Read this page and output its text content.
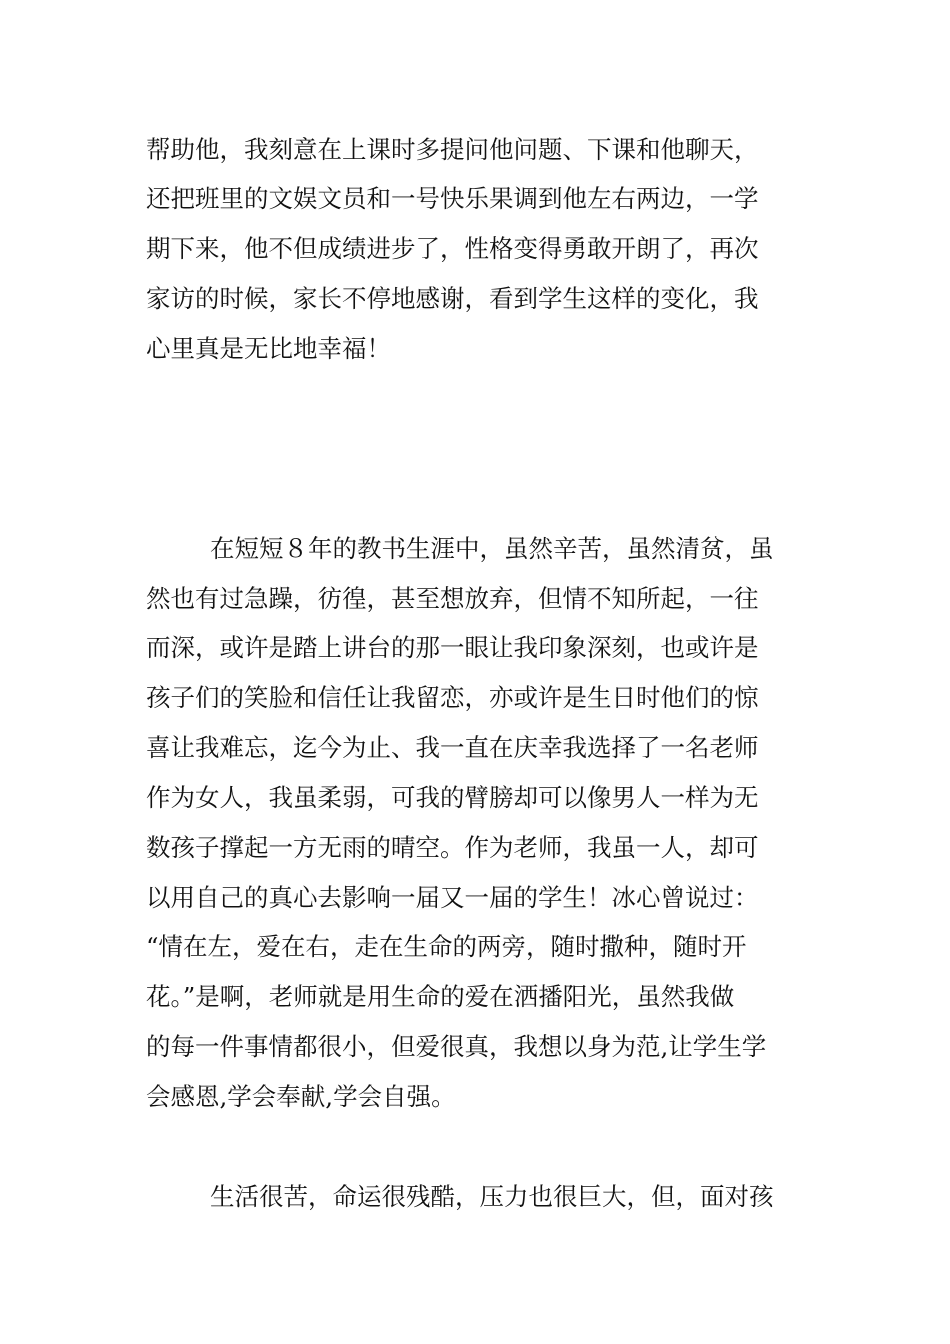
帮助他，我刻意在上课时多提问他问题、下课和他聊天，
还把班里的文娱文员和一号快乐果调到他左右两边，一学
期下来，他不但成绩进步了，性格变得勇敢开朗了，再次
家访的时候，家长不停地感谢，看到学生这样的变化，我
心里真是无比地幸福！
在短短８年的教书生涯中，虽然辛苦，虽然清贫，虽
然也有过急躁，彷徨，甚至想放弃，但情不知所起，一往
而深，或许是踏上讲台的那一眼让我印象深刻，也或许是
孩子们的笑脸和信任让我留恋，亦或许是生日时他们的惊
喜让我难忘，迄今为止、我一直在庆幸我选择了一名老师
作为女人，我虽柔弱，可我的臂膀却可以像男人一样为无
数孩子撑起一方无雨的晴空。作为老师，我虽一人，却可
以用自己的真心去影响一届又一届的学生！冰心曾说过：
“情在左，爱在右，走在生命的两旁，随时撒种，随时开
花。”是啊，老师就是用生命的爱在洒播阳光，虽然我做
的每一件事情都很小，但爱很真，我想以身为范,让学生学
会感恩,学会奉献,学会自强。
生活很苦，命运很残酷，压力也很巨大，但，面对孩
